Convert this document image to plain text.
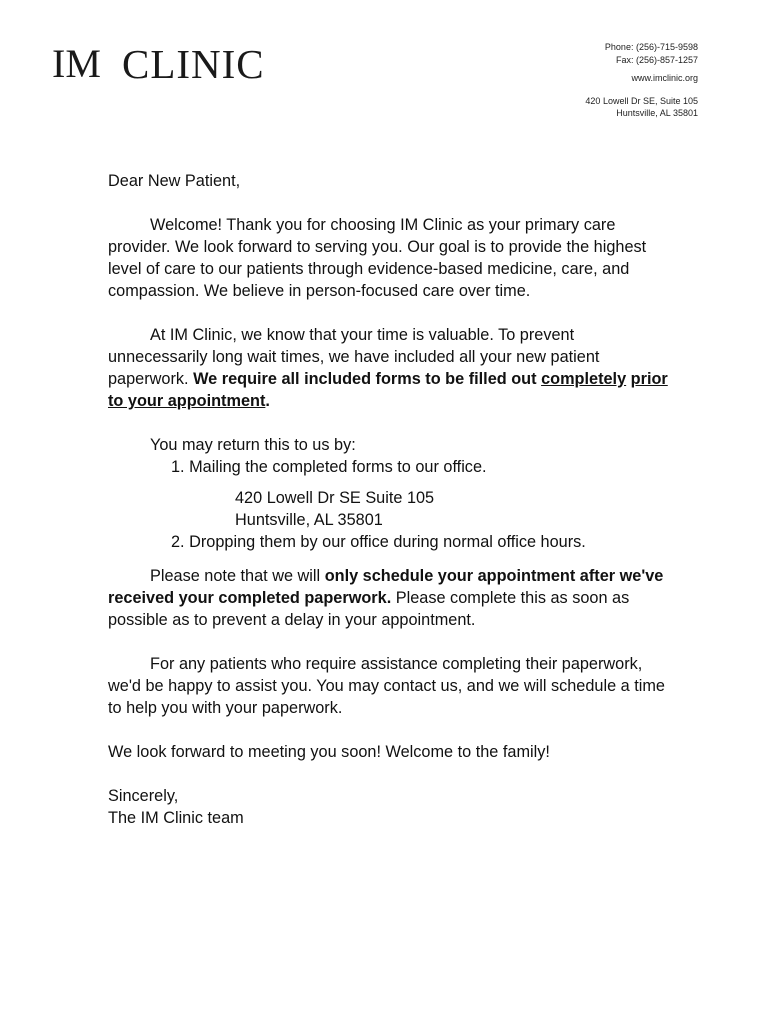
IM CLINIC	Phone: (256)-715-9598
Fax: (256)-857-1257
www.imclinic.org
420 Lowell Dr SE, Suite 105
Huntsville, AL 35801

Dear New Patient,

Welcome! Thank you for choosing IM Clinic as your primary care provider. We look forward to serving you. Our goal is to provide the highest level of care to our patients through evidence-based medicine, care, and compassion. We believe in person-focused care over time.

At IM Clinic, we know that your time is valuable. To prevent unnecessarily long wait times, we have included all your new patient paperwork. We require all included forms to be filled out completely prior to your appointment.

You may return this to us by:

1. Mailing the completed forms to our office.

420 Lowell Dr SE Suite 105

Huntsville, AL 35801

2. Dropping them by our office during normal office hours.

Please note that we will only schedule your appointment after we've received your completed paperwork. Please complete this as soon as possible as to prevent a delay in your appointment.

For any patients who require assistance completing their paperwork, we'd be happy to assist you. You may contact us, and we will schedule a time to help you with your paperwork.

We look forward to meeting you soon! Welcome to the family!

Sincerely,

The IM Clinic team
